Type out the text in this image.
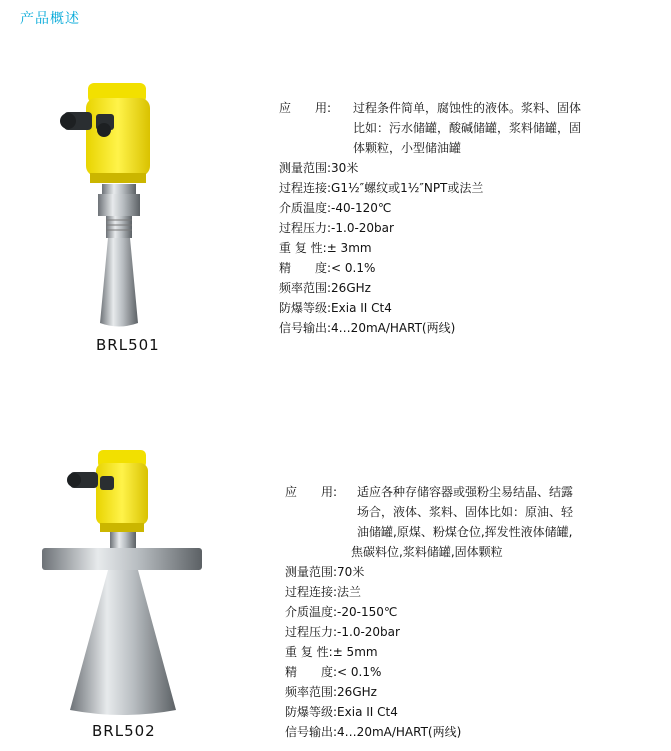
产品概述
BRL501
应　　用:	过程条件简单，腐蚀性的液体。浆料、固体
比如：污水储罐，酸碱储罐，浆料储罐，固
体颗粒，小型储油罐
测量范围: 30米
过程连接: G1½″螺纹或1½″NPT或法兰
介质温度: -40-120℃
过程压力: -1.0-20bar
重 复 性: ± 3mm
精　　度: < 0.1%
频率范围: 26GHz
防爆等级: Exia II Ct4
信号输出: 4…20mA/HART(两线)
BRL502
应　　用:	适应各种存储容器或强粉尘易结晶、结露
场合，液体、浆料、固体比如：原油、轻
油储罐,原煤、粉煤仓位,挥发性液体储罐,
焦碳料位,浆料储罐,固体颗粒
测量范围: 70米
过程连接: 法兰
介质温度: -20-150℃
过程压力: -1.0-20bar
重 复 性: ± 5mm
精　　度: < 0.1%
频率范围: 26GHz
防爆等级: Exia II Ct4
信号输出: 4…20mA/HART(两线)
